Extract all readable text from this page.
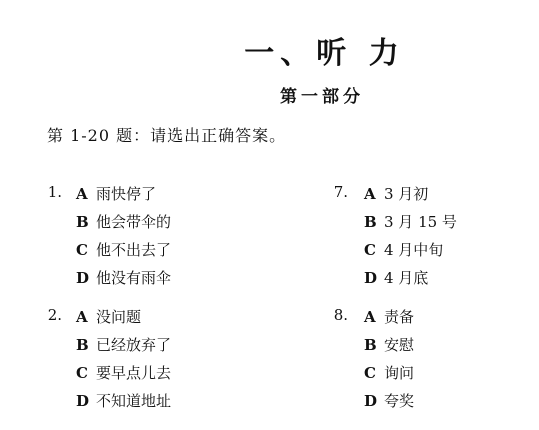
一、听 力
第一部分
第 1-20 题：请选出正确答案。
1. A 雨快停了
B 他会带伞的
C 他不出去了
D 他没有雨伞
2. A 没问题
B 已经放弃了
C 要早点儿去
D 不知道地址
7. A 3 月初
B 3 月 15 号
C 4 月中旬
D 4 月底
8. A 责备
B 安慰
C 询问
D 夸奖
